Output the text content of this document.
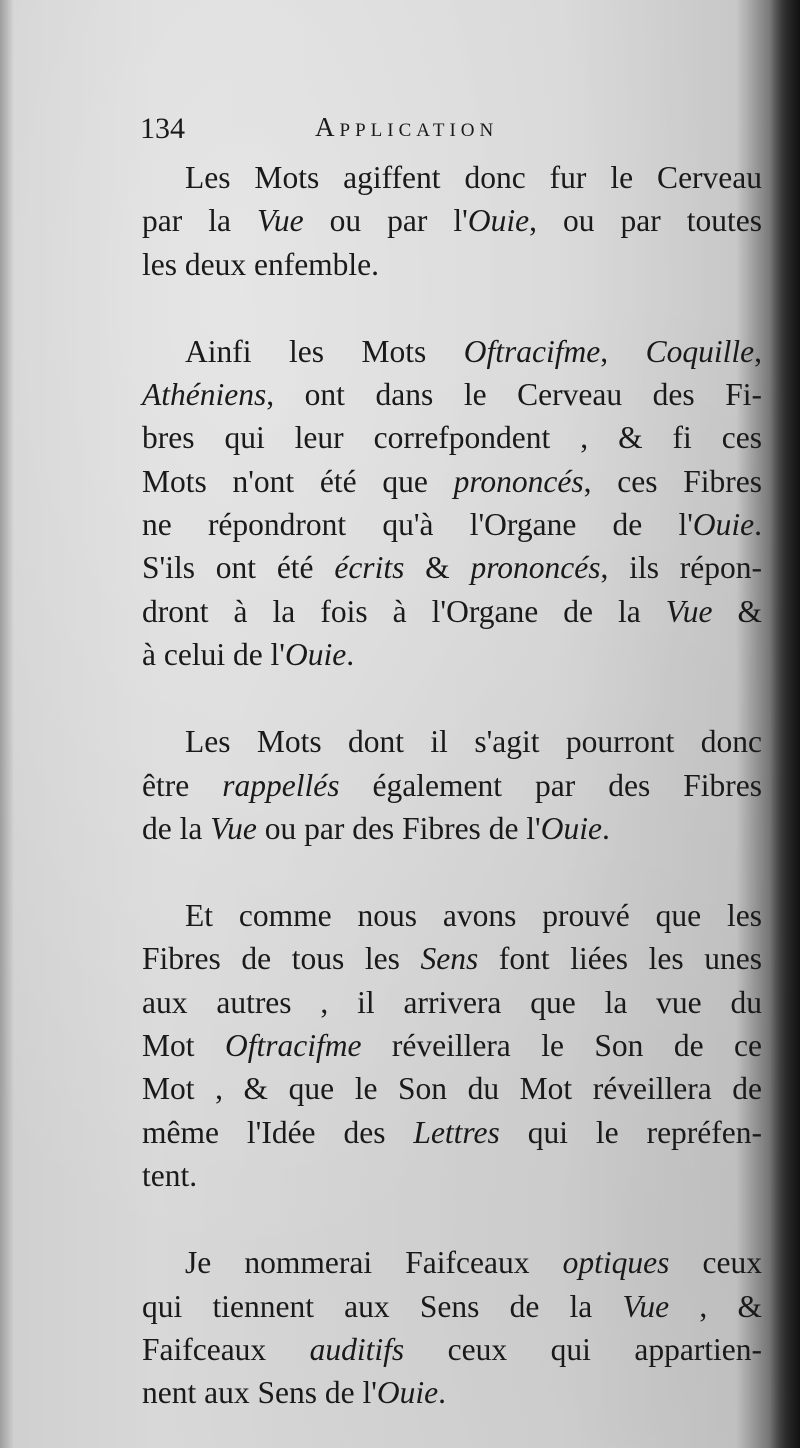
134	Application
Les Mots agiffent donc fur le Cerveau
par la Vue ou par l'Ouie, ou par toutes
les deux enfemble.
Ainfi les Mots Oftracifme, Coquille,
Athéniens, ont dans le Cerveau des Fi-
bres qui leur correfpondent , & fi ces
Mots n'ont été que prononcés, ces Fibres
ne répondront qu'à l'Organe de l'Ouie.
S'ils ont été écrits & prononcés, ils répon-
dront à la fois à l'Organe de la Vue &
à celui de l'Ouie.
Les Mots dont il s'agit pourront donc
être rappellés également par des Fibres
de la Vue ou par des Fibres de l'Ouie.
Et comme nous avons prouvé que les
Fibres de tous les Sens font liées les unes
aux autres , il arrivera que la vue du
Mot Oftracifme réveillera le Son de ce
Mot , & que le Son du Mot réveillera de
même l'Idée des Lettres qui le repréfen-
tent.
Je nommerai Faifceaux optiques ceux
qui tiennent aux Sens de la Vue , &
Faifceaux auditifs ceux qui appartien-
nent aux Sens de l'Ouie.
